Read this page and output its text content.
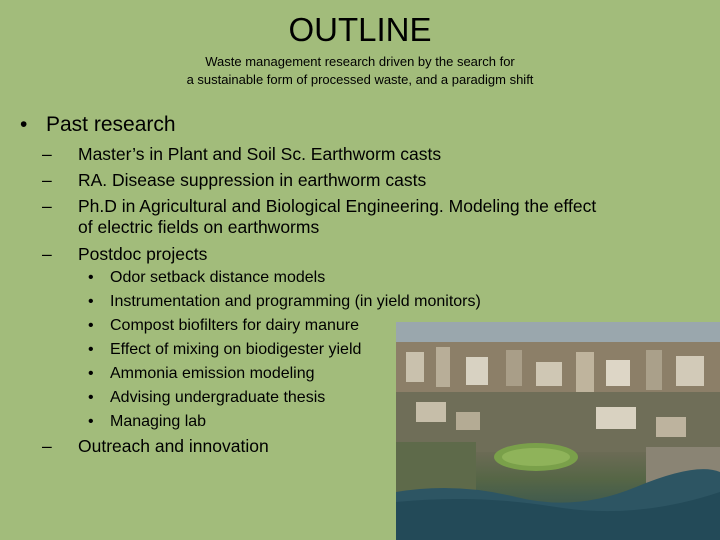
OUTLINE
Waste management research driven by the search for
a sustainable form of processed waste, and a paradigm shift
• Past research
– Master’s in Plant and Soil Sc. Earthworm casts
– RA. Disease suppression in earthworm casts
– Ph.D in Agricultural and Biological Engineering. Modeling the effect
of electric fields on earthworms
– Postdoc projects
• Odor setback distance models
• Instrumentation and programming (in yield monitors)
• Compost biofilters for dairy manure
• Effect of mixing on biodigester yield
• Ammonia emission modeling
• Advising undergraduate thesis
• Managing lab
– Outreach and innovation
